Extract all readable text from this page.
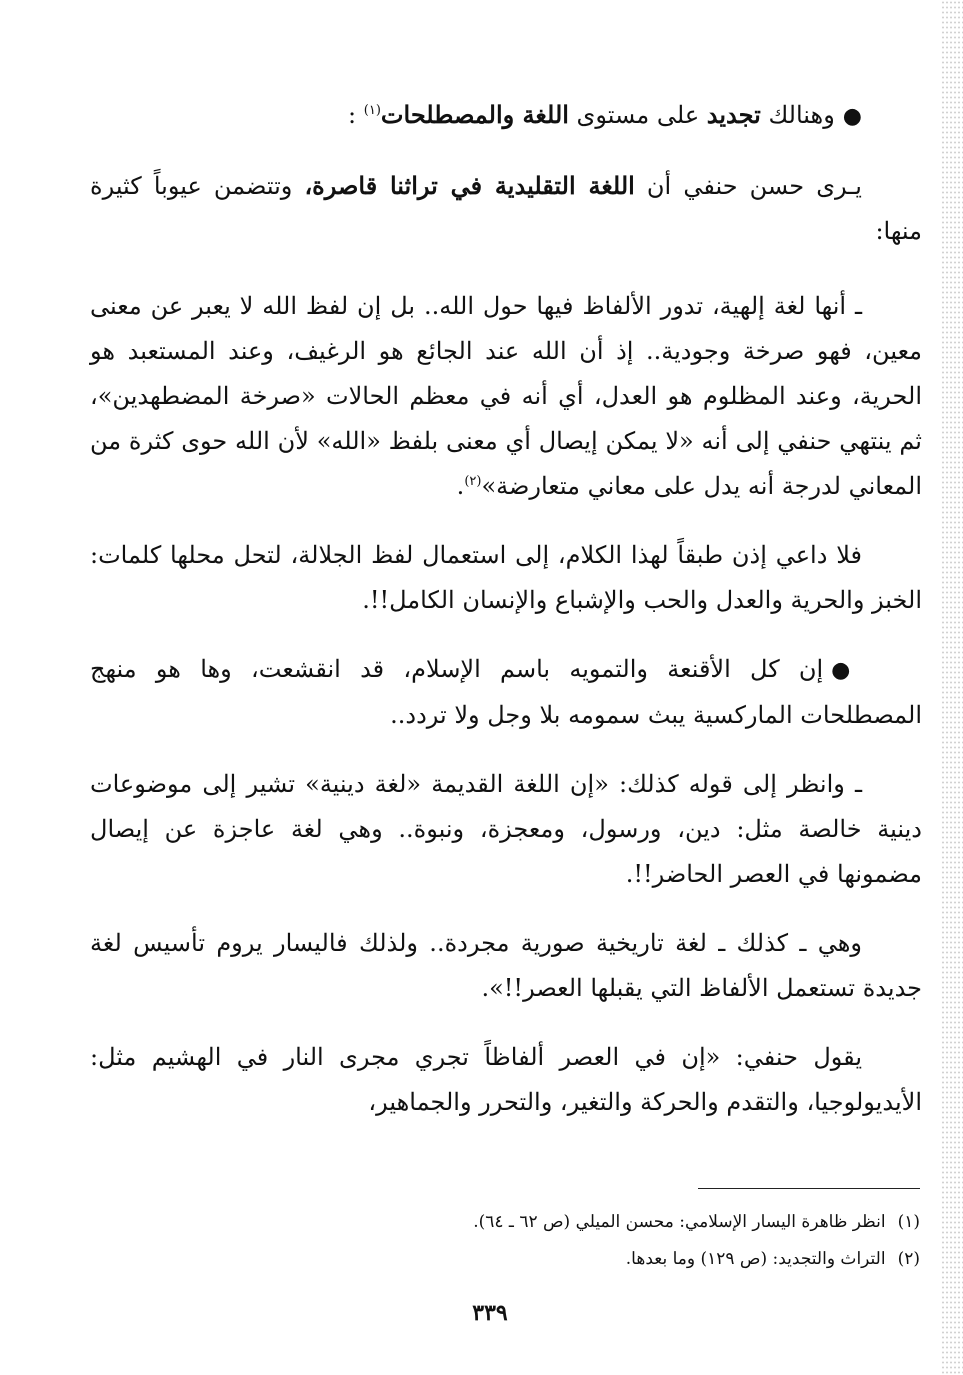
●وهنالك تجديد على مستوى اللغة والمصطلحات$^{(١)}$ :

يـرى حسن حنفي أن اللغة التقليدية في تراثنا قاصرة، وتتضمن عيوباً كثيرة منها:

ـ أنها لغة إلهية، تدور الألفاظ فيها حول الله.. بل إن لفظ الله لا يعبر عن معنى معين، فهو صرخة وجودية.. إذ أن الله عند الجائع هو الرغيف، وعند المستعبد هو الحرية، وعند المظلوم هو العدل، أي أنه في معظم الحالات «صرخة المضطهدين»، ثم ينتهي حنفي إلى أنه «لا يمكن إيصال أي معنى بلفظ «الله» لأن الله حوى كثرة من المعاني لدرجة أنه يدل على معاني متعارضة»$^{(٢)}$.

فلا داعي إذن طبقاً لهذا الكلام، إلى استعمال لفظ الجلالة، لتحل محلها كلمات: الخبز والحرية والعدل والحب والإشباع والإنسان الكامل!!.

●إن كل الأقنعة والتمويه باسم الإسلام، قد انقشعت، وها هو منهج المصطلحات الماركسية يبث سمومه بلا وجل ولا تردد..

ـ وانظر إلى قوله كذلك: «إن اللغة القديمة «لغة دينية» تشير إلى موضوعات دينية خالصة مثل: دين، ورسول، ومعجزة، ونبوة.. وهي لغة عاجزة عن إيصال مضمونها في العصر الحاضر!!.

وهي ـ كذلك ـ لغة تاريخية صورية مجردة.. ولذلك فاليسار يروم تأسيس لغة جديدة تستعمل الألفاظ التي يقبلها العصر!!».

يقول حنفي: «إن في العصر ألفاظاً تجري مجرى النار في الهشيم مثل: الأيديولوجيا، والتقدم والحركة والتغير، والتحرر والجماهير،

(١)انظر ظاهرة اليسار الإسلامي: محسن الميلي (ص ٦٢ ـ ٦٤).
(٢)التراث والتجديد: (ص ١٢٩) وما بعدها.
٣٣٩
